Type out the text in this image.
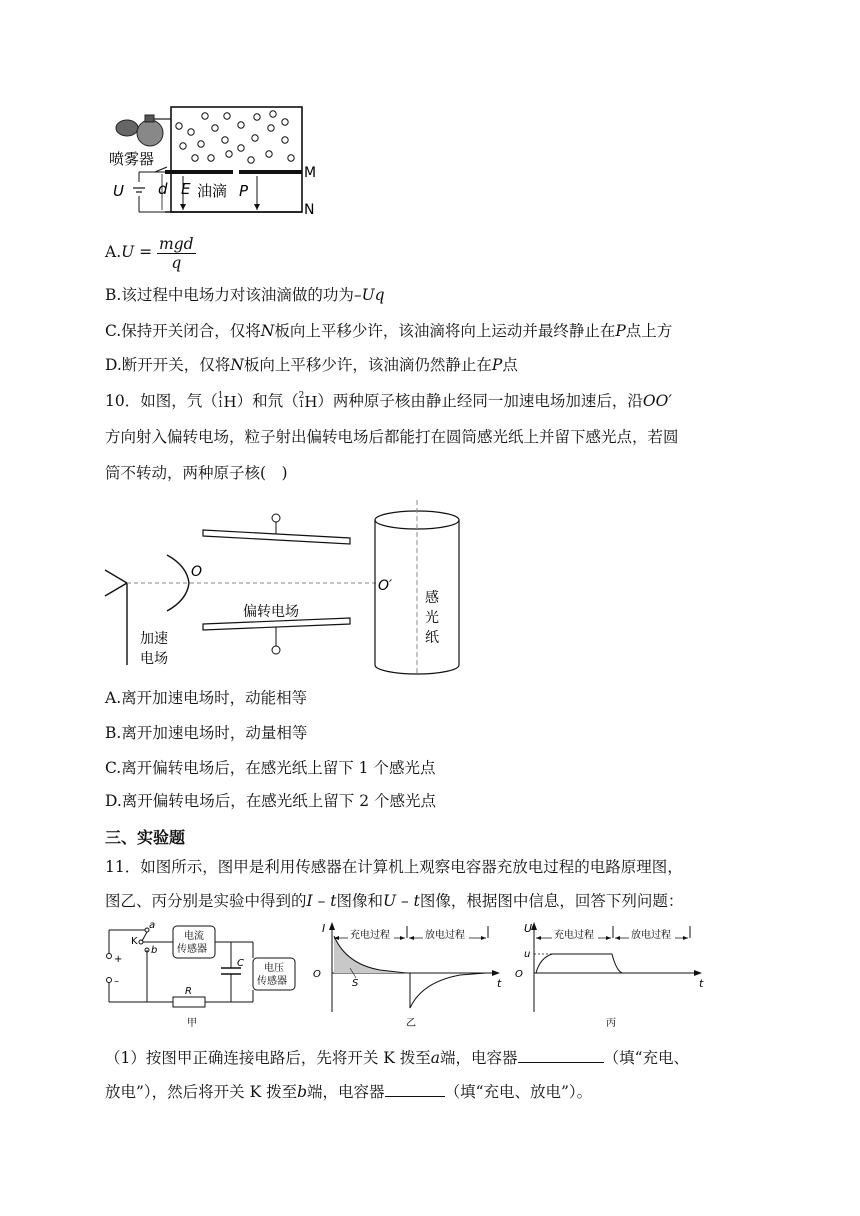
喷雾器
U d E 油滴 P
M
N
$A.U = \frac{\text{mgd}}{q}$
B.该过程中电场力对该油滴做的功为–Uq
C.保持开关闭合，仅将N板向上平移少许，该油滴将向上运动并最终静止在P点上方
D.断开开关，仅将N板向上平移少许，该油滴仍然静止在P点
10．如图，氕（1
1H）和氘（2
1H）两种原子核由静止经同一加速电场加速后，沿OO′
方向射入偏转电场，粒子射出偏转电场后都能打在圆筒感光纸上并留下感光点，若圆
筒不转动，两种原子核(　)
O
O′
偏转电场
加速
电场
感
光
纸
A.离开加速电场时，动能相等
B.离开加速电场时，动量相等
C.离开偏转电场后，在感光纸上留下 1 个感光点
D.离开偏转电场后，在感光纸上留下 2 个感光点
三、实验题
11．如图所示，图甲是利用传感器在计算机上观察电容器充放电过程的电路原理图，
图乙、丙分别是实验中得到的I – t图像和U – t图像，根据图中信息，回答下列问题：
a
b
K
+
–
C
R
电流
传感器
电压
传感器
甲
充电过程	放电过程
I
O
t
S
乙
充电过程	放电过程
U
u
O
t
丙
（1）按图甲正确连接电路后，先将开关 K 拨至a端，电容器	（填“充电、
放电”），然后将开关 K 拨至b端，电容器	（填“充电、放电”）。
